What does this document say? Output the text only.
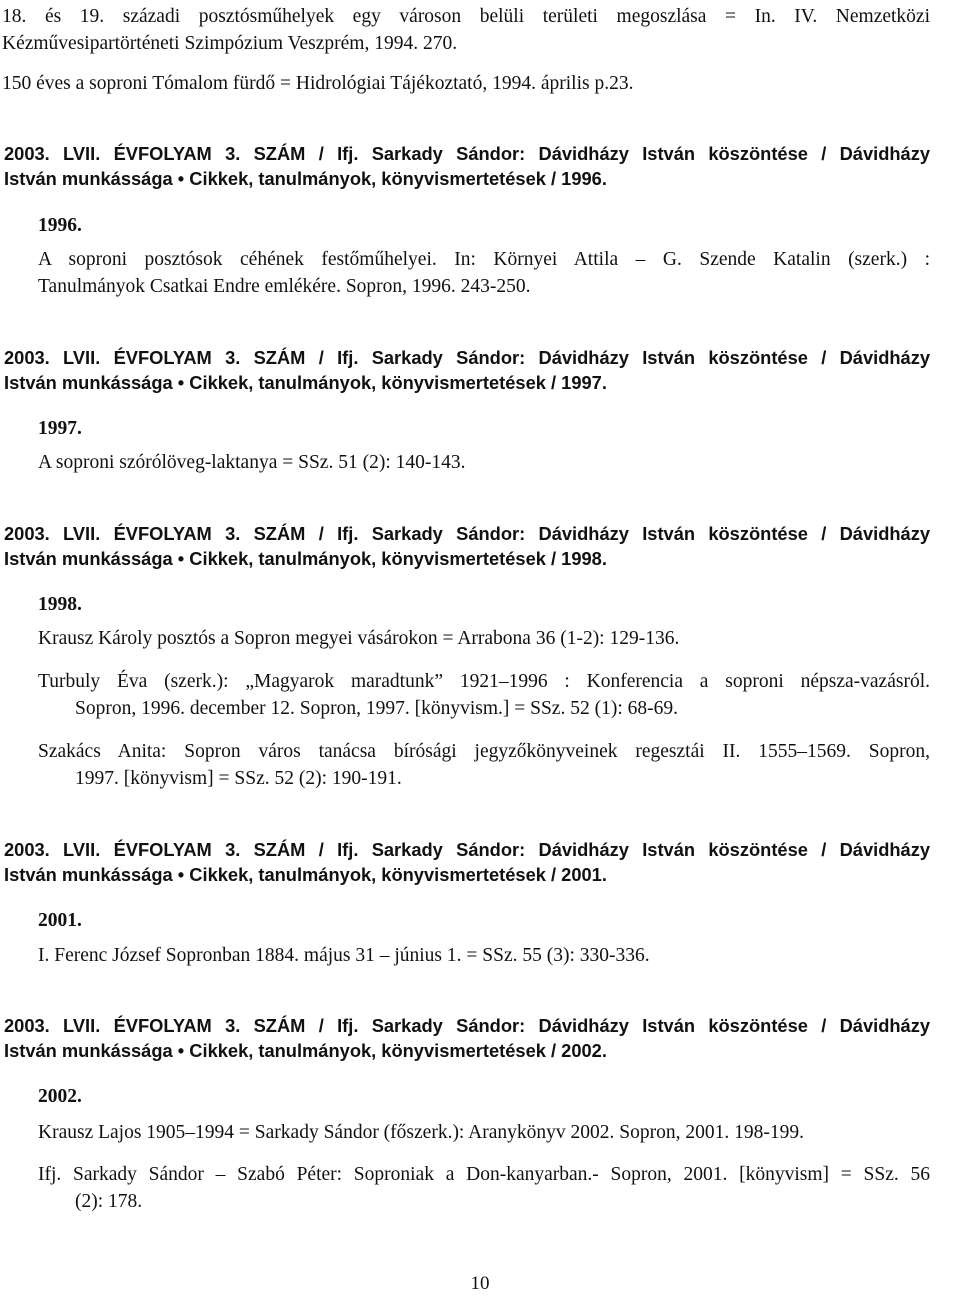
18. és 19. századi posztósműhelyek egy városon belüli területi megoszlása = In. IV. Nemzetközi
Kézművesipartörténeti Szimpózium Veszprém, 1994. 270.
150 éves a soproni Tómalom fürdő = Hidrológiai Tájékoztató, 1994. április p.23.
2003. LVII. ÉVFOLYAM 3. SZÁM / Ifj. Sarkady Sándor: Dávidházy István köszöntése / Dávidházy
István munkássága • Cikkek, tanulmányok, könyvismertetések / 1996.
1996.
A soproni posztósok céhének festőműhelyei. In: Környei Attila – G. Szende Katalin (szerk.) :
Tanulmányok Csatkai Endre emlékére. Sopron, 1996. 243-250.
2003. LVII. ÉVFOLYAM 3. SZÁM / Ifj. Sarkady Sándor: Dávidházy István köszöntése / Dávidházy
István munkássága • Cikkek, tanulmányok, könyvismertetések / 1997.
1997.
A soproni szórólöveg-laktanya = SSz. 51 (2): 140-143.
2003. LVII. ÉVFOLYAM 3. SZÁM / Ifj. Sarkady Sándor: Dávidházy István köszöntése / Dávidházy
István munkássága • Cikkek, tanulmányok, könyvismertetések / 1998.
1998.
Krausz Károly posztós a Sopron megyei vásárokon = Arrabona 36 (1-2): 129-136.
Turbuly Éva (szerk.): „Magyarok maradtunk” 1921–1996 : Konferencia a soproni népsza-vazásról.
Sopron, 1996. december 12. Sopron, 1997. [könyvism.] = SSz. 52 (1): 68-69.
Szakács Anita: Sopron város tanácsa bírósági jegyzőkönyveinek regesztái II. 1555–1569. Sopron,
1997. [könyvism] = SSz. 52 (2): 190-191.
2003. LVII. ÉVFOLYAM 3. SZÁM / Ifj. Sarkady Sándor: Dávidházy István köszöntése / Dávidházy
István munkássága • Cikkek, tanulmányok, könyvismertetések / 2001.
2001.
I. Ferenc József Sopronban 1884. május 31 – június 1. = SSz. 55 (3): 330-336.
2003. LVII. ÉVFOLYAM 3. SZÁM / Ifj. Sarkady Sándor: Dávidházy István köszöntése / Dávidházy
István munkássága • Cikkek, tanulmányok, könyvismertetések / 2002.
2002.
Krausz Lajos 1905–1994 = Sarkady Sándor (főszerk.): Aranykönyv 2002. Sopron, 2001. 198-199.
Ifj. Sarkady Sándor – Szabó Péter: Soproniak a Don-kanyarban.- Sopron, 2001. [könyvism] = SSz. 56
(2): 178.
10
